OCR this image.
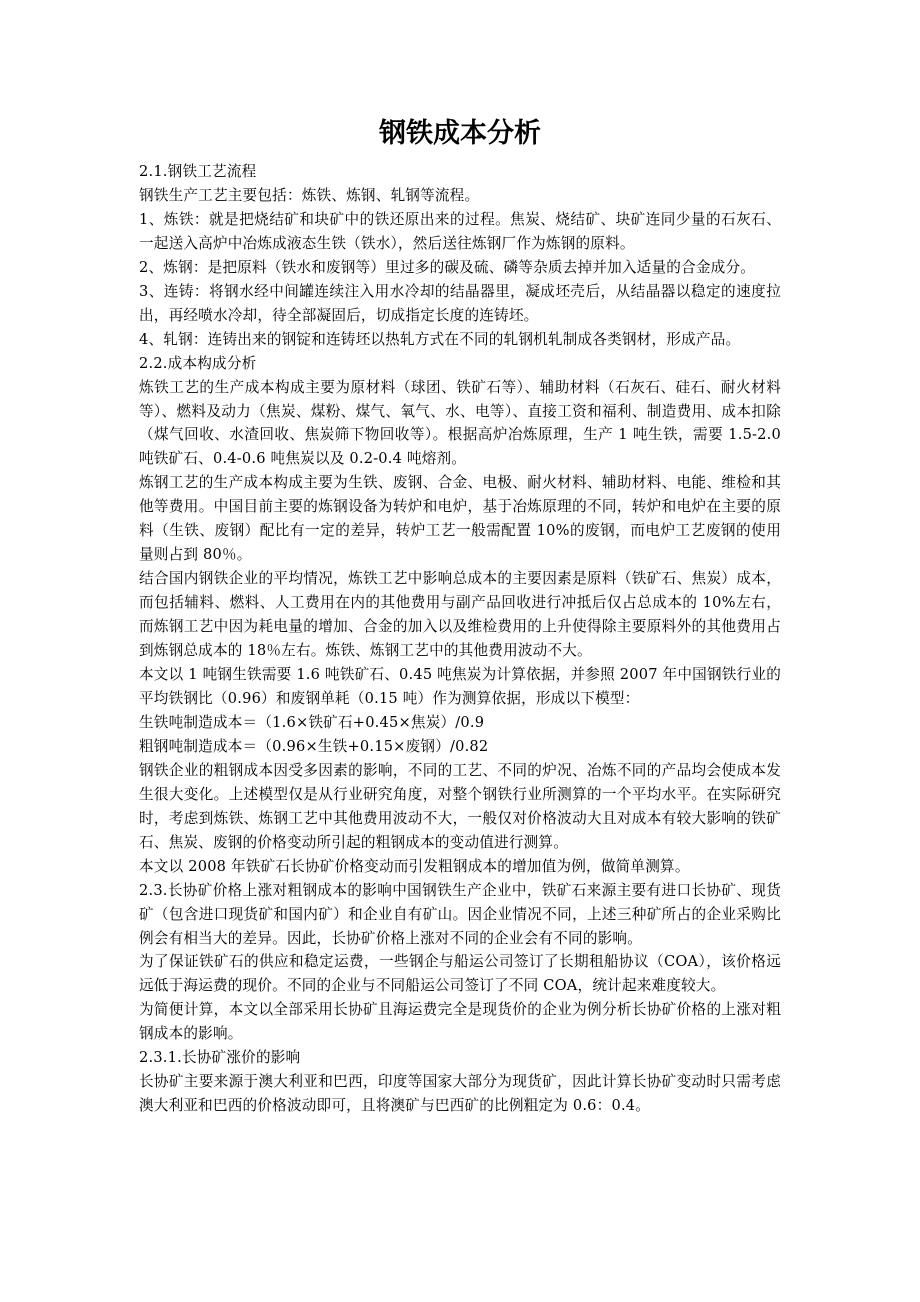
钢铁成本分析

2.1.钢铁工艺流程

钢铁生产工艺主要包括：炼铁、炼钢、轧钢等流程。

1、炼铁：就是把烧结矿和块矿中的铁还原出来的过程。焦炭、烧结矿、块矿连同少量的石灰石、一起送入高炉中冶炼成液态生铁（铁水），然后送往炼钢厂作为炼钢的原料。

2、炼钢：是把原料（铁水和废钢等）里过多的碳及硫、磷等杂质去掉并加入适量的合金成分。

3、连铸：将钢水经中间罐连续注入用水冷却的结晶器里，凝成坯壳后，从结晶器以稳定的速度拉出，再经喷水冷却，待全部凝固后，切成指定长度的连铸坯。

4、轧钢：连铸出来的钢锭和连铸坯以热轧方式在不同的轧钢机轧制成各类钢材，形成产品。

2.2.成本构成分析

炼铁工艺的生产成本构成主要为原材料（球团、铁矿石等）、辅助材料（石灰石、硅石、耐火材料等）、燃料及动力（焦炭、煤粉、煤气、氧气、水、电等）、直接工资和福利、制造费用、成本扣除（煤气回收、水渣回收、焦炭筛下物回收等）。根据高炉冶炼原理，生产 1 吨生铁，需要 1.5-2.0 吨铁矿石、0.4-0.6 吨焦炭以及 0.2-0.4 吨熔剂。

炼钢工艺的生产成本构成主要为生铁、废钢、合金、电极、耐火材料、辅助材料、电能、维检和其他等费用。中国目前主要的炼钢设备为转炉和电炉，基于冶炼原理的不同，转炉和电炉在主要的原料（生铁、废钢）配比有一定的差异，转炉工艺一般需配置 10%的废钢，而电炉工艺废钢的使用量则占到 80％。

结合国内钢铁企业的平均情况，炼铁工艺中影响总成本的主要因素是原料（铁矿石、焦炭）成本，而包括辅料、燃料、人工费用在内的其他费用与副产品回收进行冲抵后仅占总成本的 10%左右，而炼钢工艺中因为耗电量的增加、合金的加入以及维检费用的上升使得除主要原料外的其他费用占到炼钢总成本的 18％左右。炼铁、炼钢工艺中的其他费用波动不大。

本文以 1 吨钢生铁需要 1.6 吨铁矿石、0.45 吨焦炭为计算依据，并参照 2007 年中国钢铁行业的平均铁钢比（0.96）和废钢单耗（0.15 吨）作为测算依据，形成以下模型：

生铁吨制造成本＝（1.6×铁矿石+0.45×焦炭）/0.9

粗钢吨制造成本＝（0.96×生铁+0.15×废钢）/0.82

钢铁企业的粗钢成本因受多因素的影响，不同的工艺、不同的炉况、冶炼不同的产品均会使成本发生很大变化。上述模型仅是从行业研究角度，对整个钢铁行业所测算的一个平均水平。在实际研究时，考虑到炼铁、炼钢工艺中其他费用波动不大，一般仅对价格波动大且对成本有较大影响的铁矿石、焦炭、废钢的价格变动所引起的粗钢成本的变动值进行测算。

本文以 2008 年铁矿石长协矿价格变动而引发粗钢成本的增加值为例，做简单测算。

2.3.长协矿价格上涨对粗钢成本的影响中国钢铁生产企业中，铁矿石来源主要有进口长协矿、现货矿（包含进口现货矿和国内矿）和企业自有矿山。因企业情况不同，上述三种矿所占的企业采购比例会有相当大的差异。因此，长协矿价格上涨对不同的企业会有不同的影响。

为了保证铁矿石的供应和稳定运费，一些钢企与船运公司签订了长期租船协议（COA），该价格远远低于海运费的现价。不同的企业与不同船运公司签订了不同 COA，统计起来难度较大。

为简便计算，本文以全部采用长协矿且海运费完全是现货价的企业为例分析长协矿价格的上涨对粗钢成本的影响。

2.3.1.长协矿涨价的影响

长协矿主要来源于澳大利亚和巴西，印度等国家大部分为现货矿，因此计算长协矿变动时只需考虑澳大利亚和巴西的价格波动即可，且将澳矿与巴西矿的比例粗定为 0.6：0.4。
